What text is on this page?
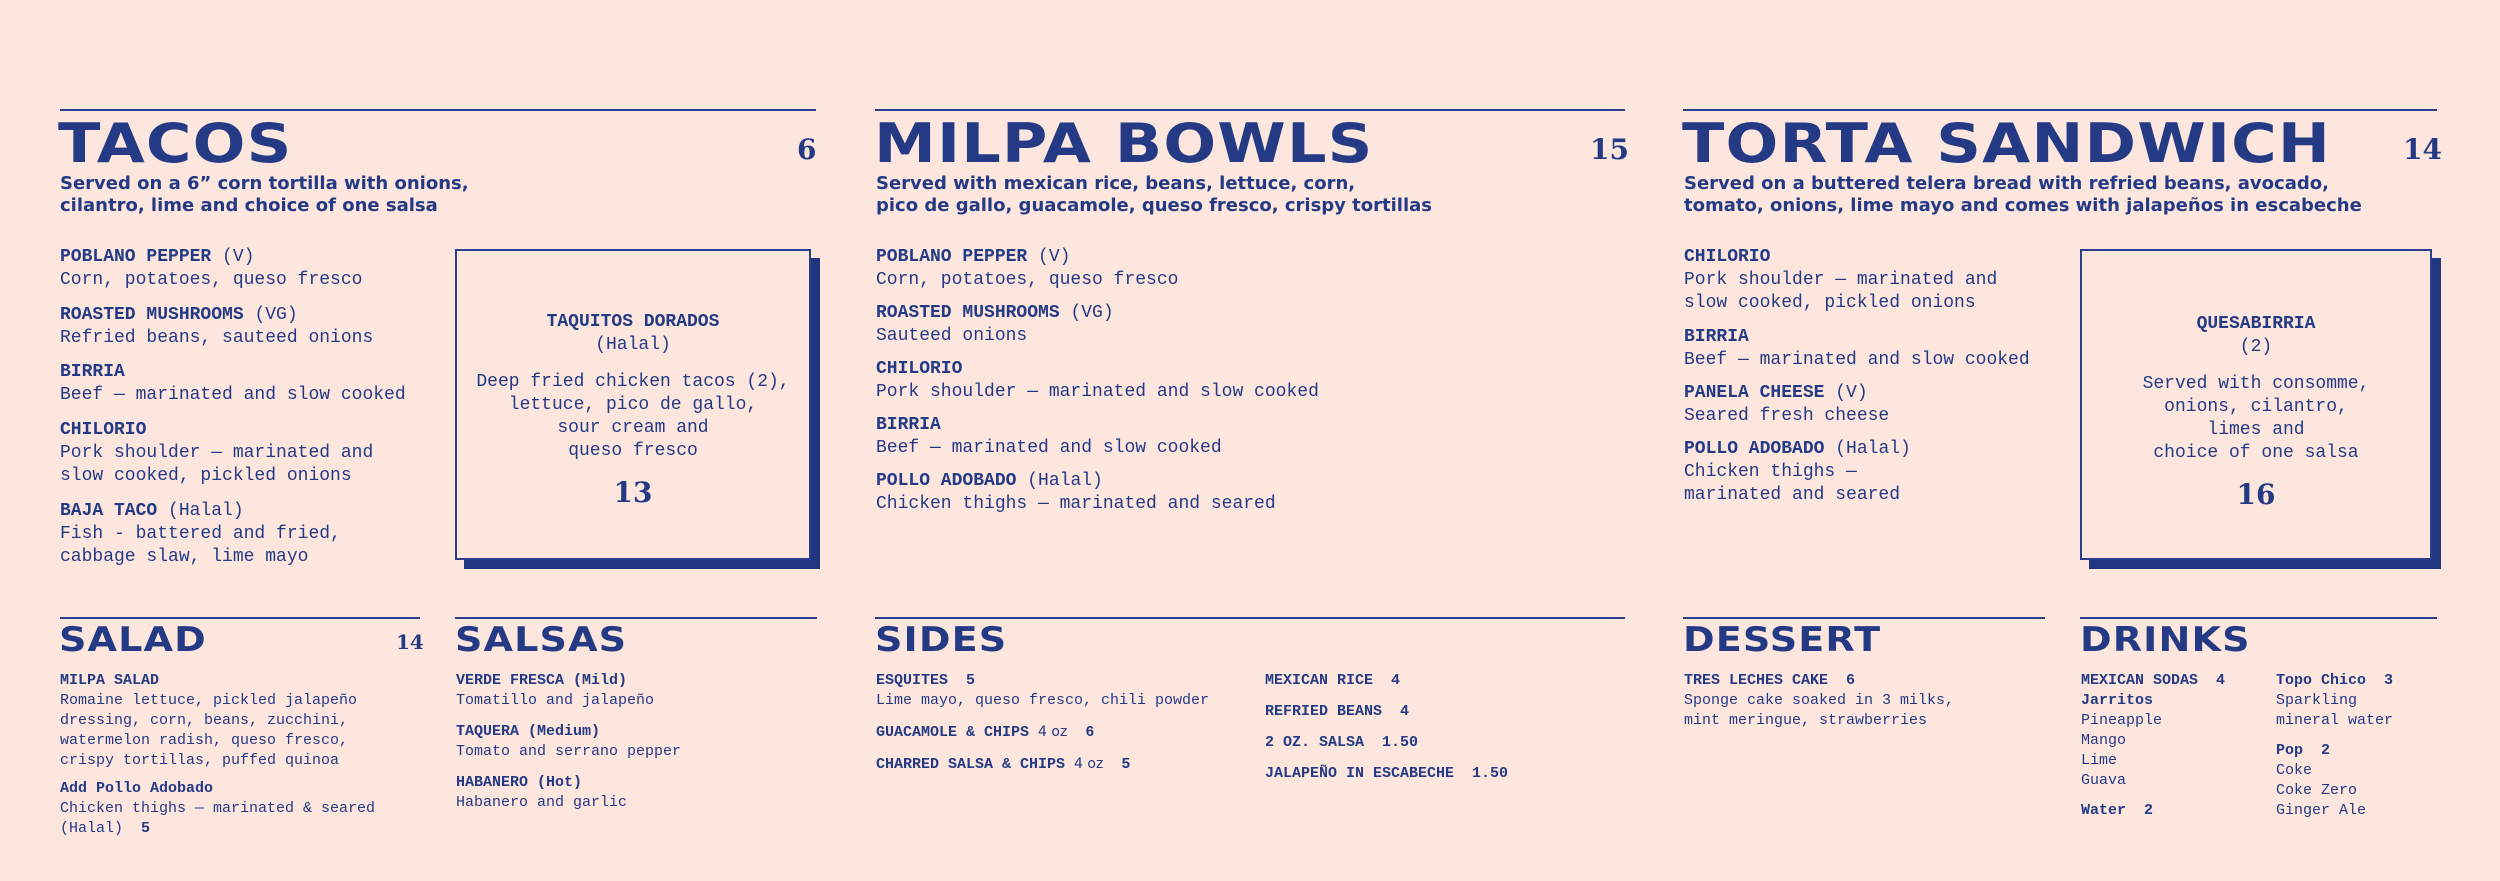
TACOS	6
Served on a 6” corn tortilla with onions,
cilantro, lime and choice of one salsa
POBLANO PEPPER (V)
Corn, potatoes, queso fresco
ROASTED MUSHROOMS (VG)
Refried beans, sauteed onions
BIRRIA
Beef — marinated and slow cooked
CHILORIO
Pork shoulder — marinated and
slow cooked, pickled onions
BAJA TACO (Halal)
Fish - battered and fried,
cabbage slaw, lime mayo
TAQUITOS DORADOS
(Halal)
Deep fried chicken tacos (2),
lettuce, pico de gallo,
sour cream and
queso fresco
13
MILPA BOWLS	15
Served with mexican rice, beans, lettuce, corn,
pico de gallo, guacamole, queso fresco, crispy tortillas
POBLANO PEPPER (V)
Corn, potatoes, queso fresco
ROASTED MUSHROOMS (VG)
Sauteed onions
CHILORIO
Pork shoulder — marinated and slow cooked
BIRRIA
Beef — marinated and slow cooked
POLLO ADOBADO (Halal)
Chicken thighs — marinated and seared
TORTA SANDWICH	14
Served on a buttered telera bread with refried beans, avocado,
tomato, onions, lime mayo and comes with jalapeños in escabeche
CHILORIO
Pork shoulder — marinated and
slow cooked, pickled onions
BIRRIA
Beef — marinated and slow cooked
PANELA CHEESE (V)
Seared fresh cheese
POLLO ADOBADO (Halal)
Chicken thighs —
marinated and seared
QUESABIRRIA
(2)
Served with consomme,
onions, cilantro,
limes and
choice of one salsa
16
SALAD	14
MILPA SALAD
Romaine lettuce, pickled jalapeño
dressing, corn, beans, zucchini,
watermelon radish, queso fresco,
crispy tortillas, puffed quinoa
Add Pollo Adobado
Chicken thighs — marinated & seared
(Halal) 5
SALSAS
VERDE FRESCA (Mild)
Tomatillo and jalapeño
TAQUERA (Medium)
Tomato and serrano pepper
HABANERO (Hot)
Habanero and garlic
SIDES
ESQUITES 5
Lime mayo, queso fresco, chili powder
GUACAMOLE & CHIPS 4 oz 6
CHARRED SALSA & CHIPS 4 oz 5
MEXICAN RICE 4
REFRIED BEANS 4
2 OZ. SALSA 1.50
JALAPEÑO IN ESCABECHE 1.50
DESSERT
TRES LECHES CAKE 6
Sponge cake soaked in 3 milks,
mint meringue, strawberries
DRINKS
MEXICAN SODAS 4
Jarritos
Pineapple
Mango
Lime
Guava
Water 2
Topo Chico 3
Sparkling
mineral water
Pop 2
Coke
Coke Zero
Ginger Ale
